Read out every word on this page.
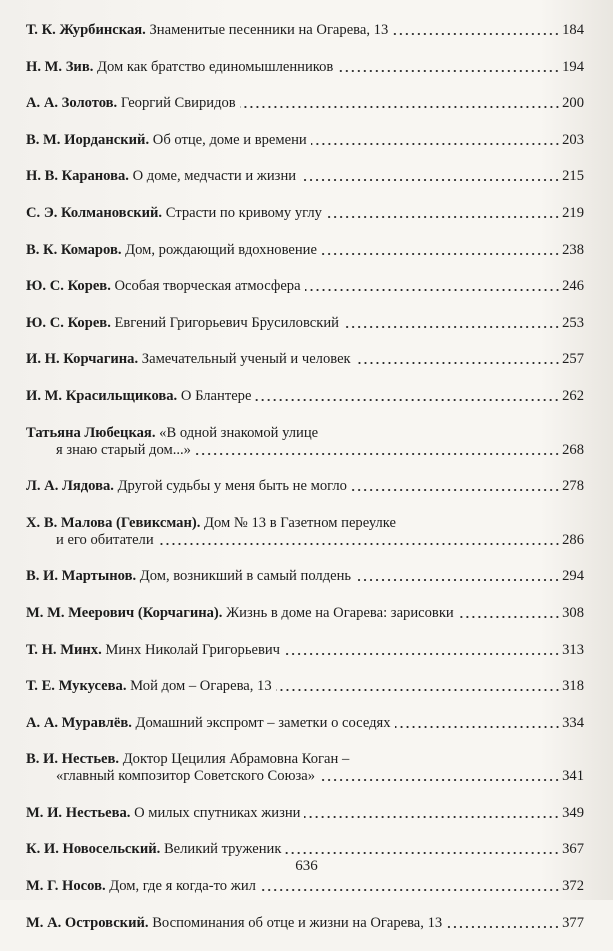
Т. К. Журбинская.
Знаменитые песенники на Огарева, 13	184
Н. М. Зив.
Дом как братство единомышленников	194
А. А. Золотов.
Георгий Свиридов	200
В. М. Иорданский.
Об отце, доме и времени	203
Н. В. Каранова.
О доме, медчасти и жизни	215
С. Э. Колмановский.
Страсти по кривому углу	219
В. К. Комаров.
Дом, рождающий вдохновение	238
Ю. С. Корев.
Особая творческая атмосфера	246
Ю. С. Корев.
Евгений Григорьевич Брусиловский	253
И. Н. Корчагина.
Замечательный ученый и человек	257
И. М. Красильщикова.
О Блантере	262
Татьяна Любецкая.
«В одной знакомой улице
я знаю старый дом...»	268
Л. А. Лядова.
Другой судьбы у меня быть не могло	278
Х. В. Малова (Гевиксман).
Дом № 13 в Газетном переулке
и его обитатели	286
В. И. Мартынов.
Дом, возникший в самый полдень	294
М. М. Меерович (Корчагина).
Жизнь в доме на Огарева: зарисовки	308
Т. Н. Минх.
Минх Николай Григорьевич	313
Т. Е. Мукусева.
Мой дом – Огарева, 13	318
А. А. Муравлёв.
Домашний экспромт – заметки о соседях	334
В. И. Нестьев.
Доктор Цецилия Абрамовна Коган –
«главный композитор Советского Союза»	341
М. И. Нестьева.
О милых спутниках жизни	349
К. И. Новосельский.
Великий труженик	367
М. Г. Носов.
Дом, где я когда-то жил	372
М. А. Островский.
Воспоминания об отце и жизни на Огарева, 13	377
636
